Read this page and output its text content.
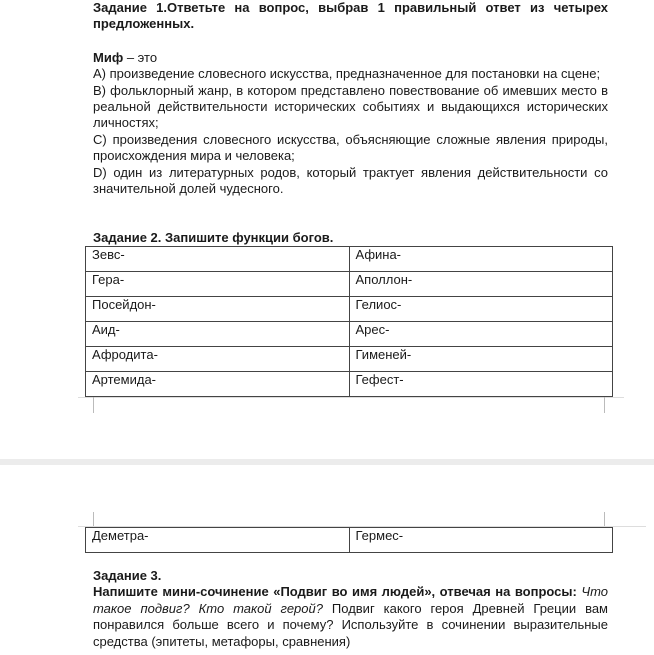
Задание 1.Ответьте на вопрос, выбрав 1 правильный ответ из четырех предложенных.

Миф – это

А) произведение словесного искусства, предназначенное для постановки на сцене;

В) фольклорный жанр, в котором представлено повествование об имевших место в реальной действительности исторических событиях и выдающихся исторических личностях;

С) произведения словесного искусства, объясняющие сложные явления природы, происхождения мира и человека;

D) один из литературных родов, который трактует явления действительности со значительной долей чудесного.

Задание 2. Запишите функции богов.
Зевс-	Афина-
Гера-	Аполлон-
Посейдон-	Гелиос-
Аид-	Арес-
Афродита-	Гименей-
Артемида-	Гефест-
Деметра-	Гермес-

Задание 3.

Напишите мини-сочинение «Подвиг во имя людей», отвечая на вопросы: Что такое подвиг? Кто такой герой? Подвиг какого героя Древней Греции вам понравился больше всего и почему? Используйте в сочинении выразительные средства (эпитеты, метафоры, сравнения)
